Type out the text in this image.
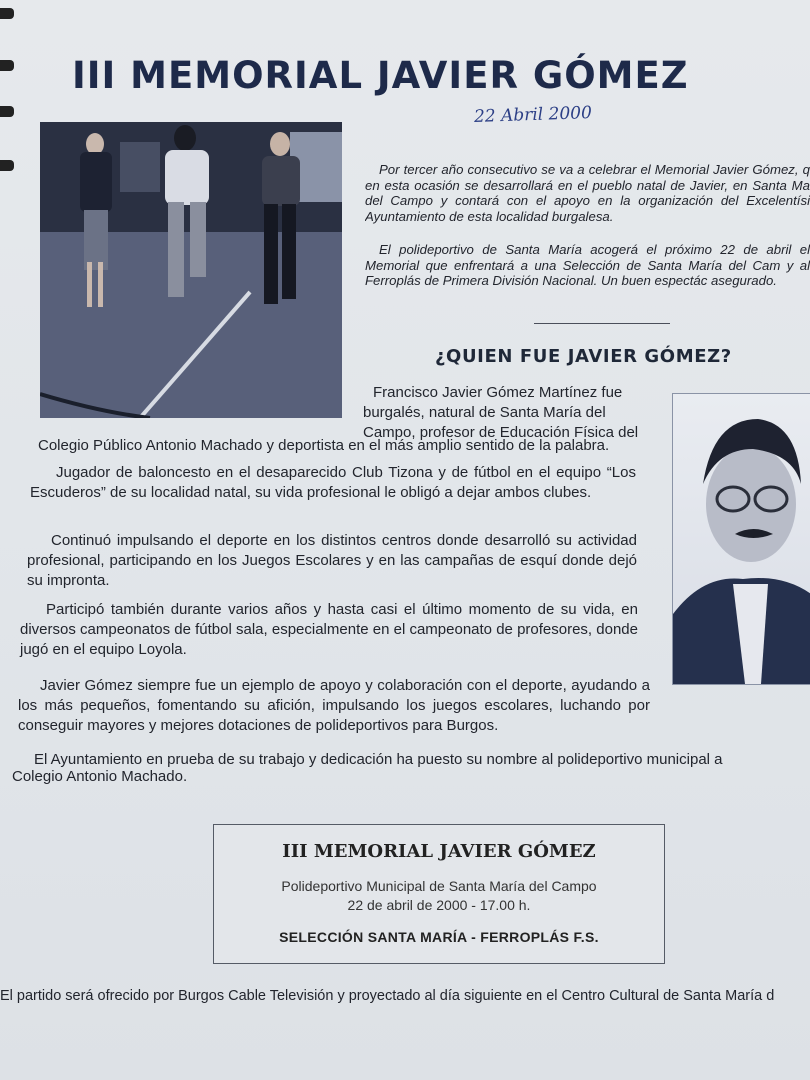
III MEMORIAL JAVIER GÓMEZ
22 Abril 2000

Por tercer año consecutivo se va a celebrar el Memorial Javier Gómez, q en esta ocasión se desarrollará en el pueblo natal de Javier, en Santa Ma del Campo y contará con el apoyo en la organización del Excelentísi Ayuntamiento de esta localidad burgalesa.

El polideportivo de Santa María acogerá el próximo 22 de abril el Memorial que enfrentará a una Selección de Santa María del Cam y al Ferroplás de Primera División Nacional. Un buen espectác asegurado.

¿QUIEN FUE JAVIER GÓMEZ?
Francisco Javier Gómez Martínez fue
burgalés, natural de Santa María del
Campo, profesor de Educación Física del
Colegio Público Antonio Machado y deportista en el más amplio sentido de la palabra.

Jugador de baloncesto en el desaparecido Club Tizona y de fútbol en el equipo “Los Escuderos” de su localidad natal, su vida profesional le obligó a dejar ambos clubes.

Continuó impulsando el deporte en los distintos centros donde desarrolló su actividad profesional, participando en los Juegos Escolares y en las campañas de esquí donde dejó su impronta.

Participó también durante varios años y hasta casi el último momento de su vida, en diversos campeonatos de fútbol sala, especialmente en el campeonato de profesores, donde jugó en el equipo Loyola.

Javier Gómez siempre fue un ejemplo de apoyo y colaboración con el deporte, ayudando a los más pequeños, fomentando su afición, impulsando los juegos escolares, luchando por conseguir mayores y mejores dotaciones de polideportivos para Burgos.

El Ayuntamiento en prueba de su trabajo y dedicación ha puesto su nombre al polideportivo municipal a
Colegio Antonio Machado.
III MEMORIAL JAVIER GÓMEZ
Polideportivo Municipal de Santa María del Campo
22 de abril de 2000 - 17.00 h.
SELECCIÓN SANTA MARÍA - FERROPLÁS F.S.

El partido será ofrecido por Burgos Cable Televisión y proyectado al día siguiente en el Centro Cultural de Santa María d
